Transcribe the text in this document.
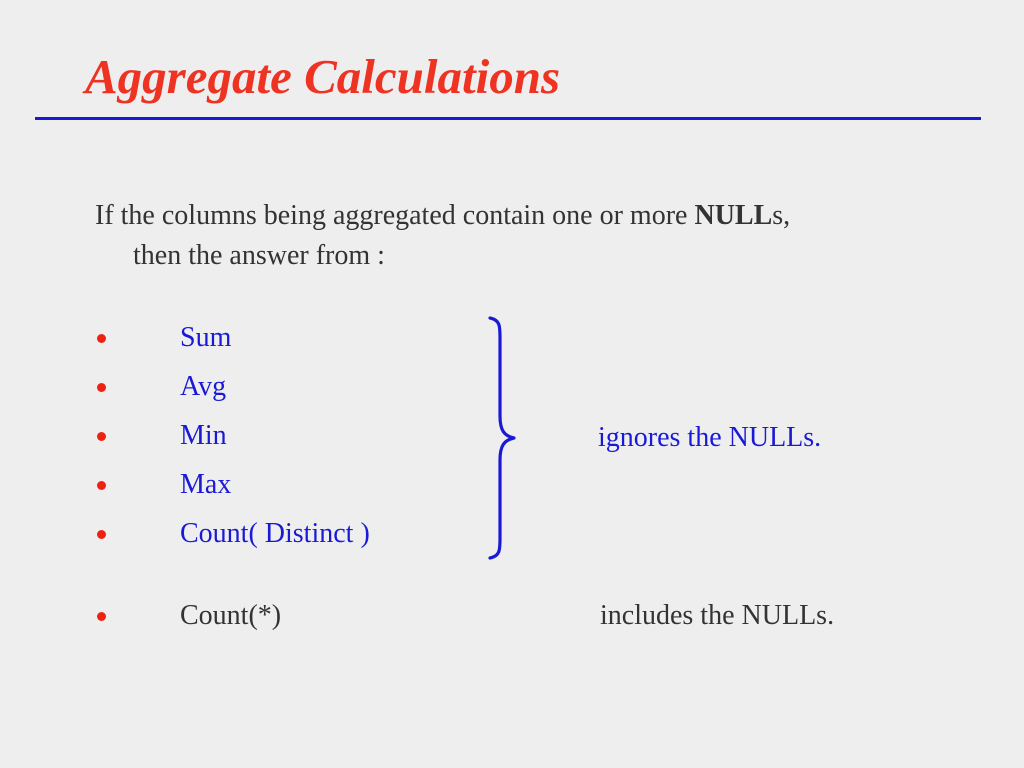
Aggregate Calculations

If the columns being aggregated contain one or more NULLs,
then the answer from :

Sum
Avg
Min
Max
Count( Distinct )
ignores the NULLs.
Count(*)	includes the NULLs.
